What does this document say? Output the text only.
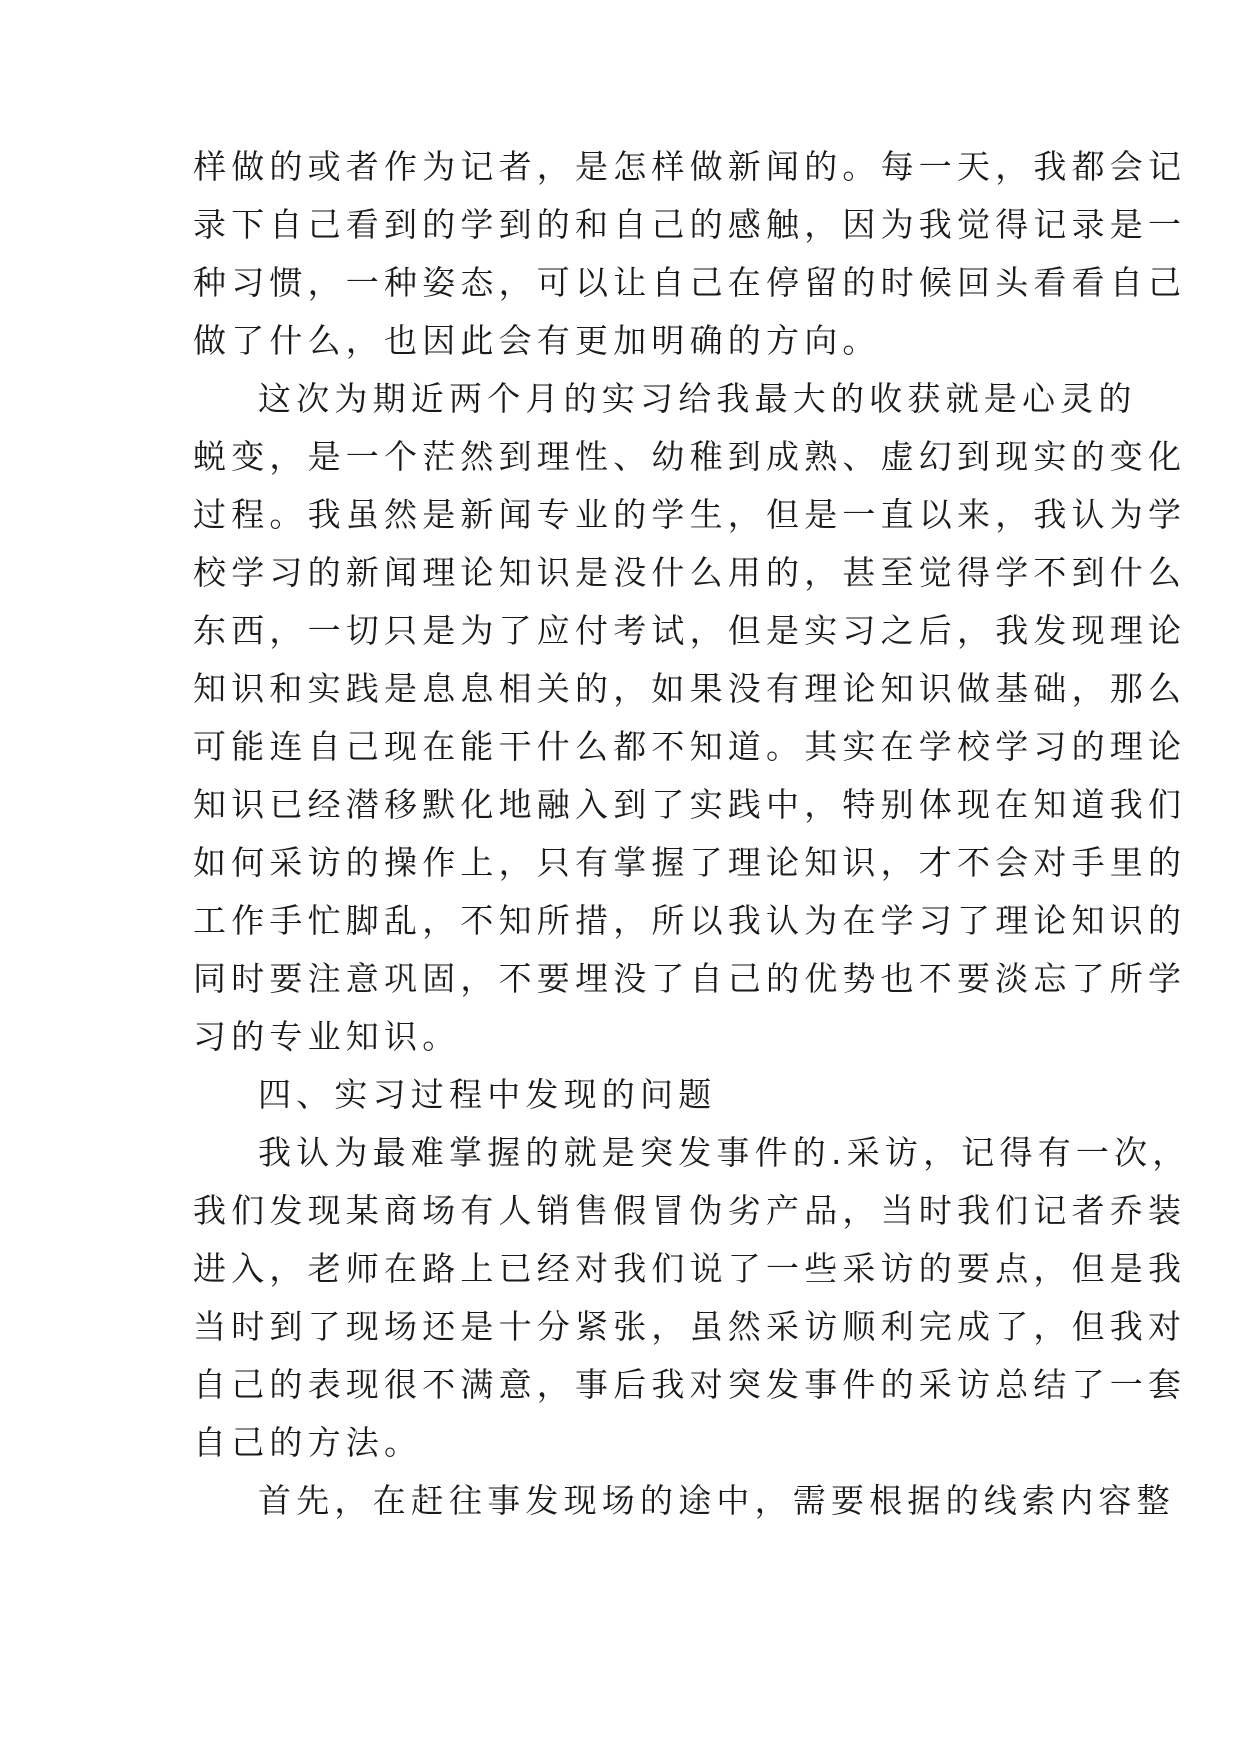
样做的或者作为记者，是怎样做新闻的。每一天，我都会记
录下自己看到的学到的和自己的感触，因为我觉得记录是一
种习惯，一种姿态，可以让自己在停留的时候回头看看自己
做了什么，也因此会有更加明确的方向。
这次为期近两个月的实习给我最大的收获就是心灵的
蜕变，是一个茫然到理性、幼稚到成熟、虚幻到现实的变化
过程。我虽然是新闻专业的学生，但是一直以来，我认为学
校学习的新闻理论知识是没什么用的，甚至觉得学不到什么
东西，一切只是为了应付考试，但是实习之后，我发现理论
知识和实践是息息相关的，如果没有理论知识做基础，那么
可能连自己现在能干什么都不知道。其实在学校学习的理论
知识已经潜移默化地融入到了实践中，特别体现在知道我们
如何采访的操作上，只有掌握了理论知识，才不会对手里的
工作手忙脚乱，不知所措，所以我认为在学习了理论知识的
同时要注意巩固，不要埋没了自己的优势也不要淡忘了所学
习的专业知识。
四、实习过程中发现的问题
我认为最难掌握的就是突发事件的.采访，记得有一次，
我们发现某商场有人销售假冒伪劣产品，当时我们记者乔装
进入，老师在路上已经对我们说了一些采访的要点，但是我
当时到了现场还是十分紧张，虽然采访顺利完成了，但我对
自己的表现很不满意，事后我对突发事件的采访总结了一套
自己的方法。
首先，在赶往事发现场的途中，需要根据的线索内容整
